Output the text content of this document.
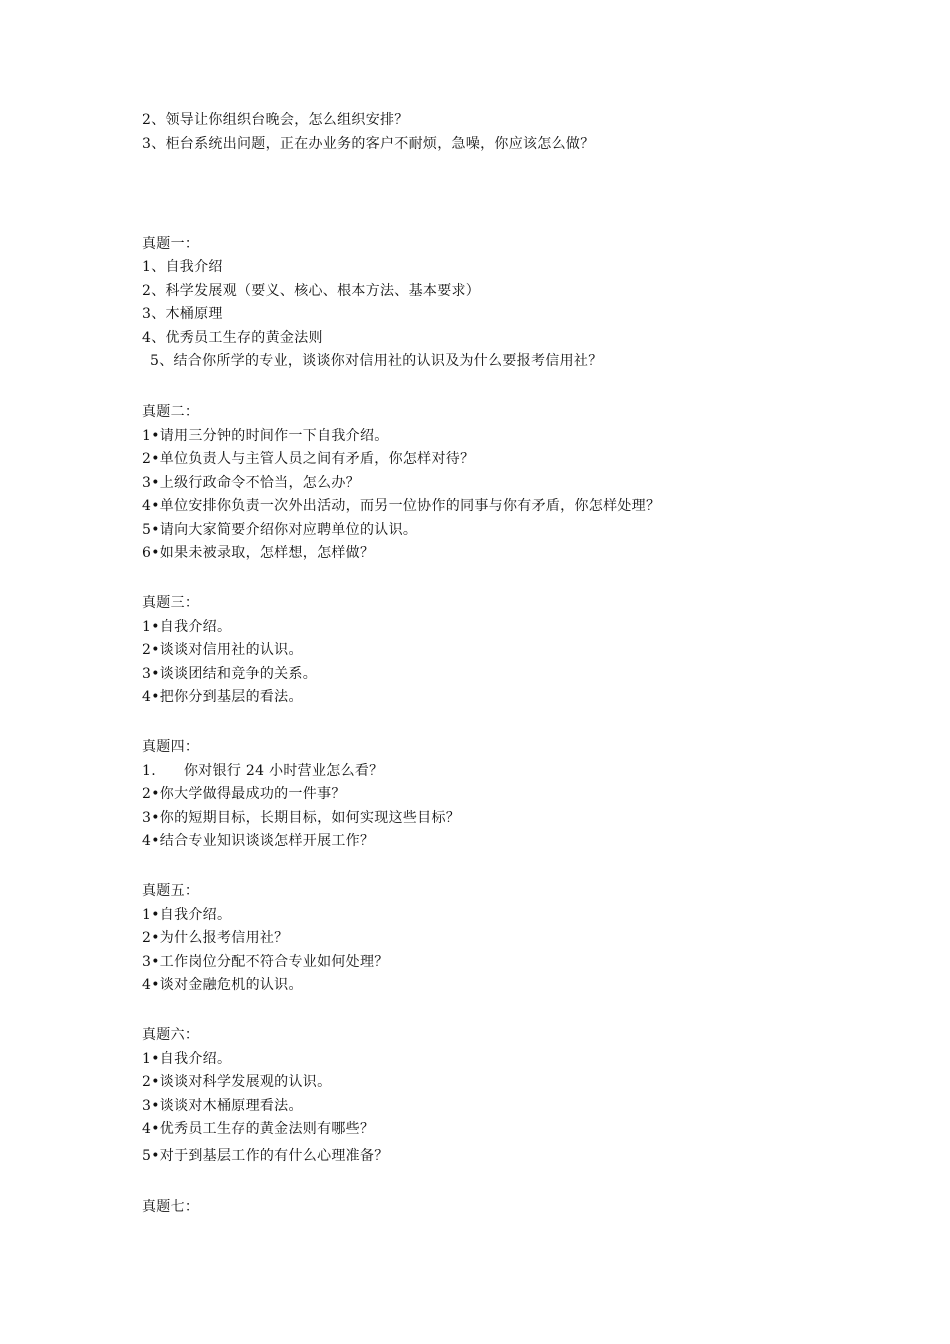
2、领导让你组织台晚会，怎么组织安排？
3、柜台系统出问题，正在办业务的客户不耐烦，急噪，你应该怎么做？
真题一：
1、自我介绍
2、科学发展观（要义、核心、根本方法、基本要求）
3、木桶原理
4、优秀员工生存的黄金法则
5、结合你所学的专业，谈谈你对信用社的认识及为什么要报考信用社？
真题二：
1•请用三分钟的时间作一下自我介绍。
2•单位负责人与主管人员之间有矛盾，你怎样对待？
3•上级行政命令不恰当，怎么办？
4•单位安排你负责一次外出活动，而另一位协作的同事与你有矛盾，你怎样处理？
5•请向大家简要介绍你对应聘单位的认识。
6•如果未被录取，怎样想，怎样做？
真题三：
1•自我介绍。
2•谈谈对信用社的认识。
3•谈谈团结和竞争的关系。
4•把你分到基层的看法。
真题四：
1. 你对银行 24 小时营业怎么看？
2•你大学做得最成功的一件事？
3•你的短期目标，长期目标，如何实现这些目标？
4•结合专业知识谈谈怎样开展工作？
真题五：
1•自我介绍。
2•为什么报考信用社？
3•工作岗位分配不符合专业如何处理？
4•谈对金融危机的认识。
真题六：
1•自我介绍。
2•谈谈对科学发展观的认识。
3•谈谈对木桶原理看法。
4•优秀员工生存的黄金法则有哪些？
5•对于到基层工作的有什么心理准备？
真题七：
